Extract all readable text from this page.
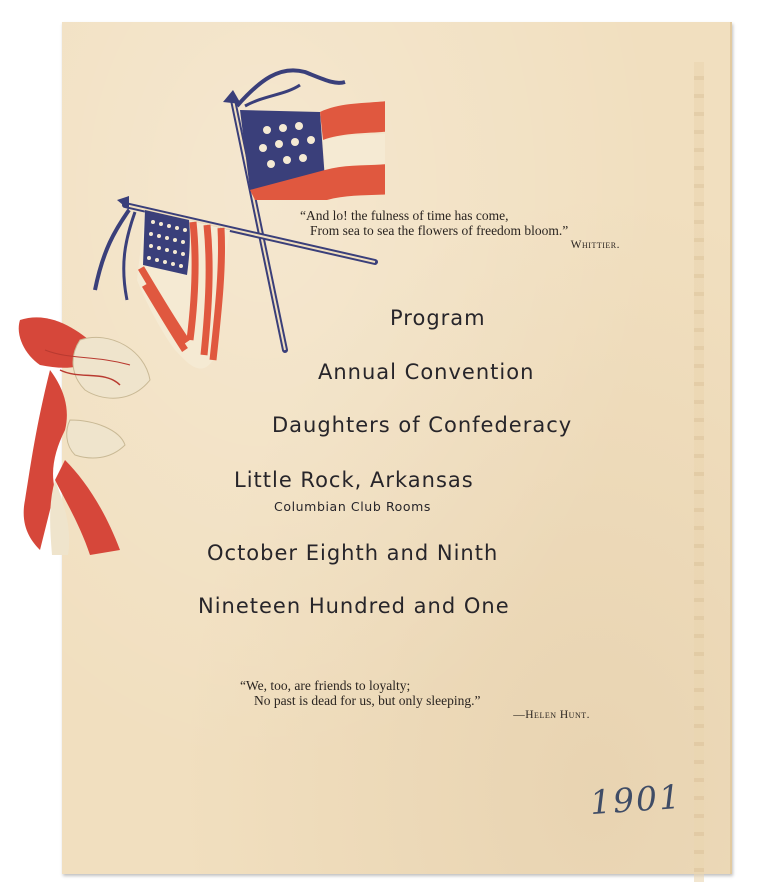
“And lo! the fulness of time has come,
From sea to sea the flowers of freedom bloom.”
Whittier.
Program
Annual Convention
Daughters of Confederacy
Little Rock, Arkansas
Columbian Club Rooms
October Eighth and Ninth
Nineteen Hundred and One
“We, too, are friends to loyalty;
No past is dead for us, but only sleeping.”
—Helen Hunt.
1901
